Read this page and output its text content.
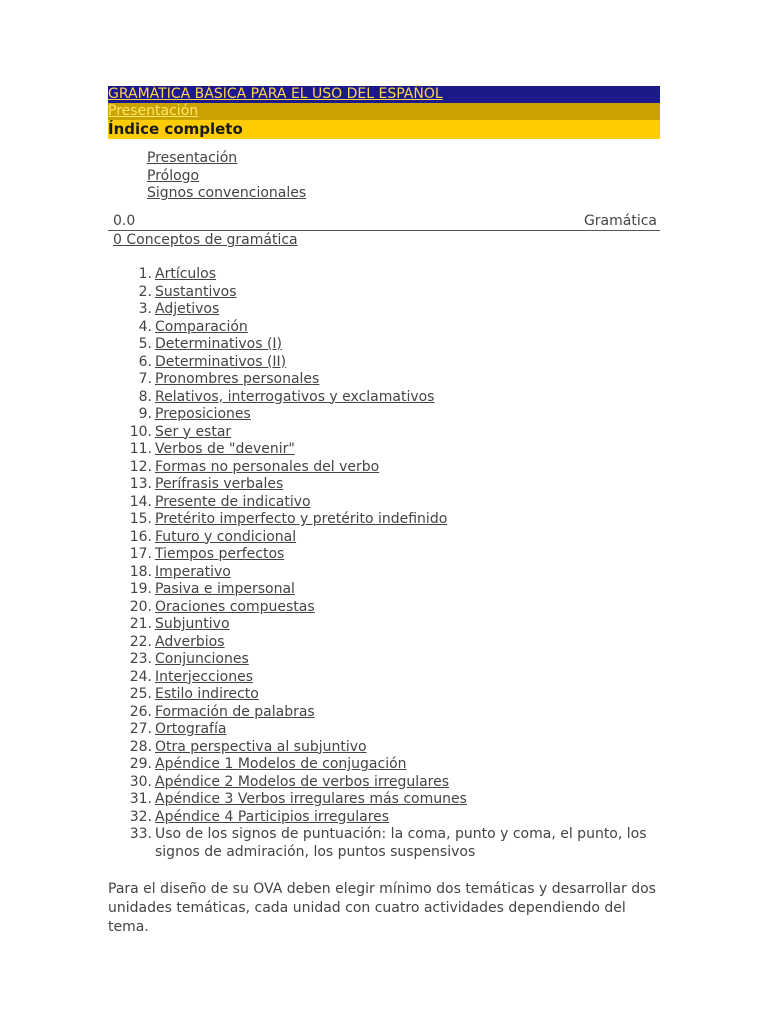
GRAMÁTICA BÁSICA PARA EL USO DEL ESPAÑOL
Presentación
Índice completo
Presentación
Prólogo
Signos convencionales
0.0	Gramática
0 Conceptos de gramática
1. Artículos
2. Sustantivos
3. Adjetivos
4. Comparación
5. Determinativos (I)
6. Determinativos (II)
7. Pronombres personales
8. Relativos, interrogativos y exclamativos
9. Preposiciones
10. Ser y estar
11. Verbos de "devenir"
12. Formas no personales del verbo
13. Perífrasis verbales
14. Presente de indicativo
15. Pretérito imperfecto y pretérito indefinido
16. Futuro y condicional
17. Tiempos perfectos
18. Imperativo
19. Pasiva e impersonal
20. Oraciones compuestas
21. Subjuntivo
22. Adverbios
23. Conjunciones
24. Interjecciones
25. Estilo indirecto
26. Formación de palabras
27. Ortografía
28. Otra perspectiva al subjuntivo
29. Apéndice 1 Modelos de conjugación
30. Apéndice 2 Modelos de verbos irregulares
31. Apéndice 3 Verbos irregulares más comunes
32. Apéndice 4 Participios irregulares
33. Uso de los signos de puntuación: la coma, punto y coma, el punto, los signos de admiración, los puntos suspensivos
Para el diseño de su OVA deben elegir mínimo dos temáticas y desarrollar dos unidades temáticas, cada unidad con cuatro actividades dependiendo del tema.
